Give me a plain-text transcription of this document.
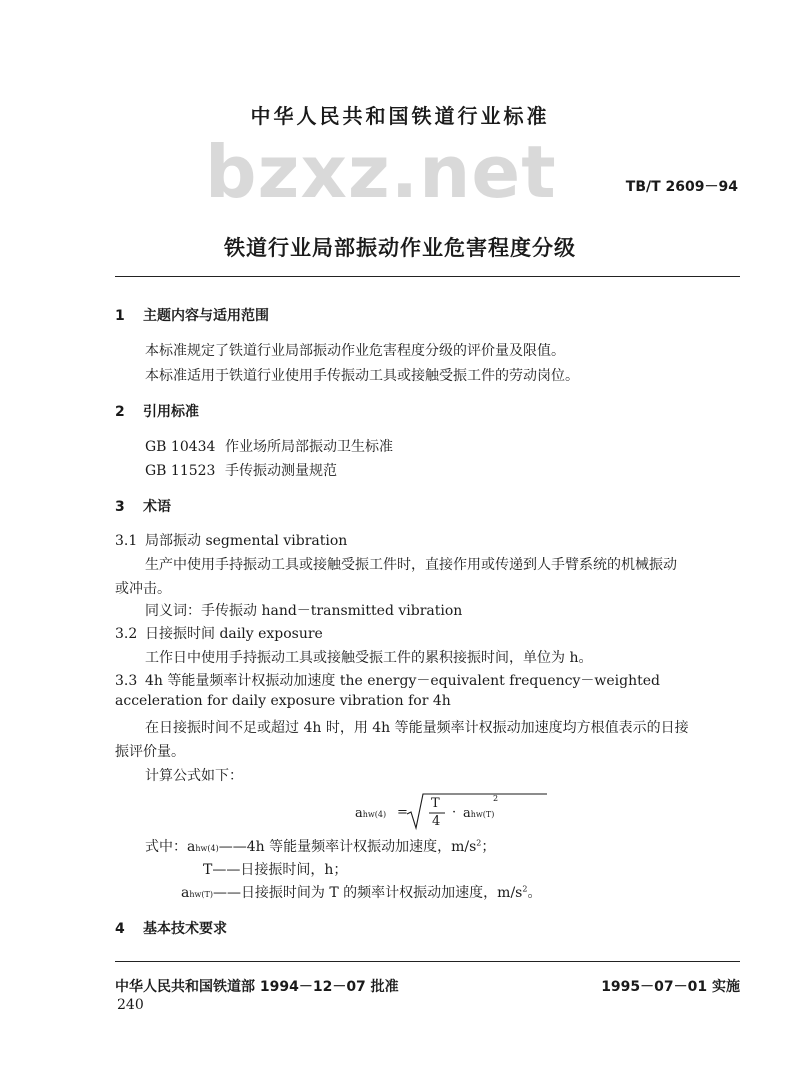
中华人民共和国铁道行业标准
bzxz.net	TB/T 2609－94
铁道行业局部振动作业危害程度分级
1 主题内容与适用范围
本标准规定了铁道行业局部振动作业危害程度分级的评价量及限值。
本标准适用于铁道行业使用手传振动工具或接触受振工件的劳动岗位。
2 引用标准
GB 10434 作业场所局部振动卫生标准
GB 11523 手传振动测量规范
3 术语
3.1 局部振动 segmental vibration
生产中使用手持振动工具或接触受振工件时，直接作用或传递到人手臂系统的机械振动
或冲击。
同义词：手传振动 hand－transmitted vibration
3.2 日接振时间 daily exposure
工作日中使用手持振动工具或接触受振工件的累积接振时间，单位为 h。
3.3 4h 等能量频率计权振动加速度 the energy－equivalent frequency－weighted
acceleration for daily exposure vibration for 4h
在日接振时间不足或超过 4h 时，用 4h 等能量频率计权振动加速度均方根值表示的日接
振评价量。
计算公式如下：
ahw(4) =
T
4
· ahw(T)
2
式中：ahw(4)——4h 等能量频率计权振动加速度，$m/s^2$；
T——日接振时间，h；
ahw(T)——日接振时间为 T 的频率计权振动加速度，$m/s^2$。
4 基本技术要求
中华人民共和国铁道部 1994－12－07 批准	1995－07－01 实施
240
